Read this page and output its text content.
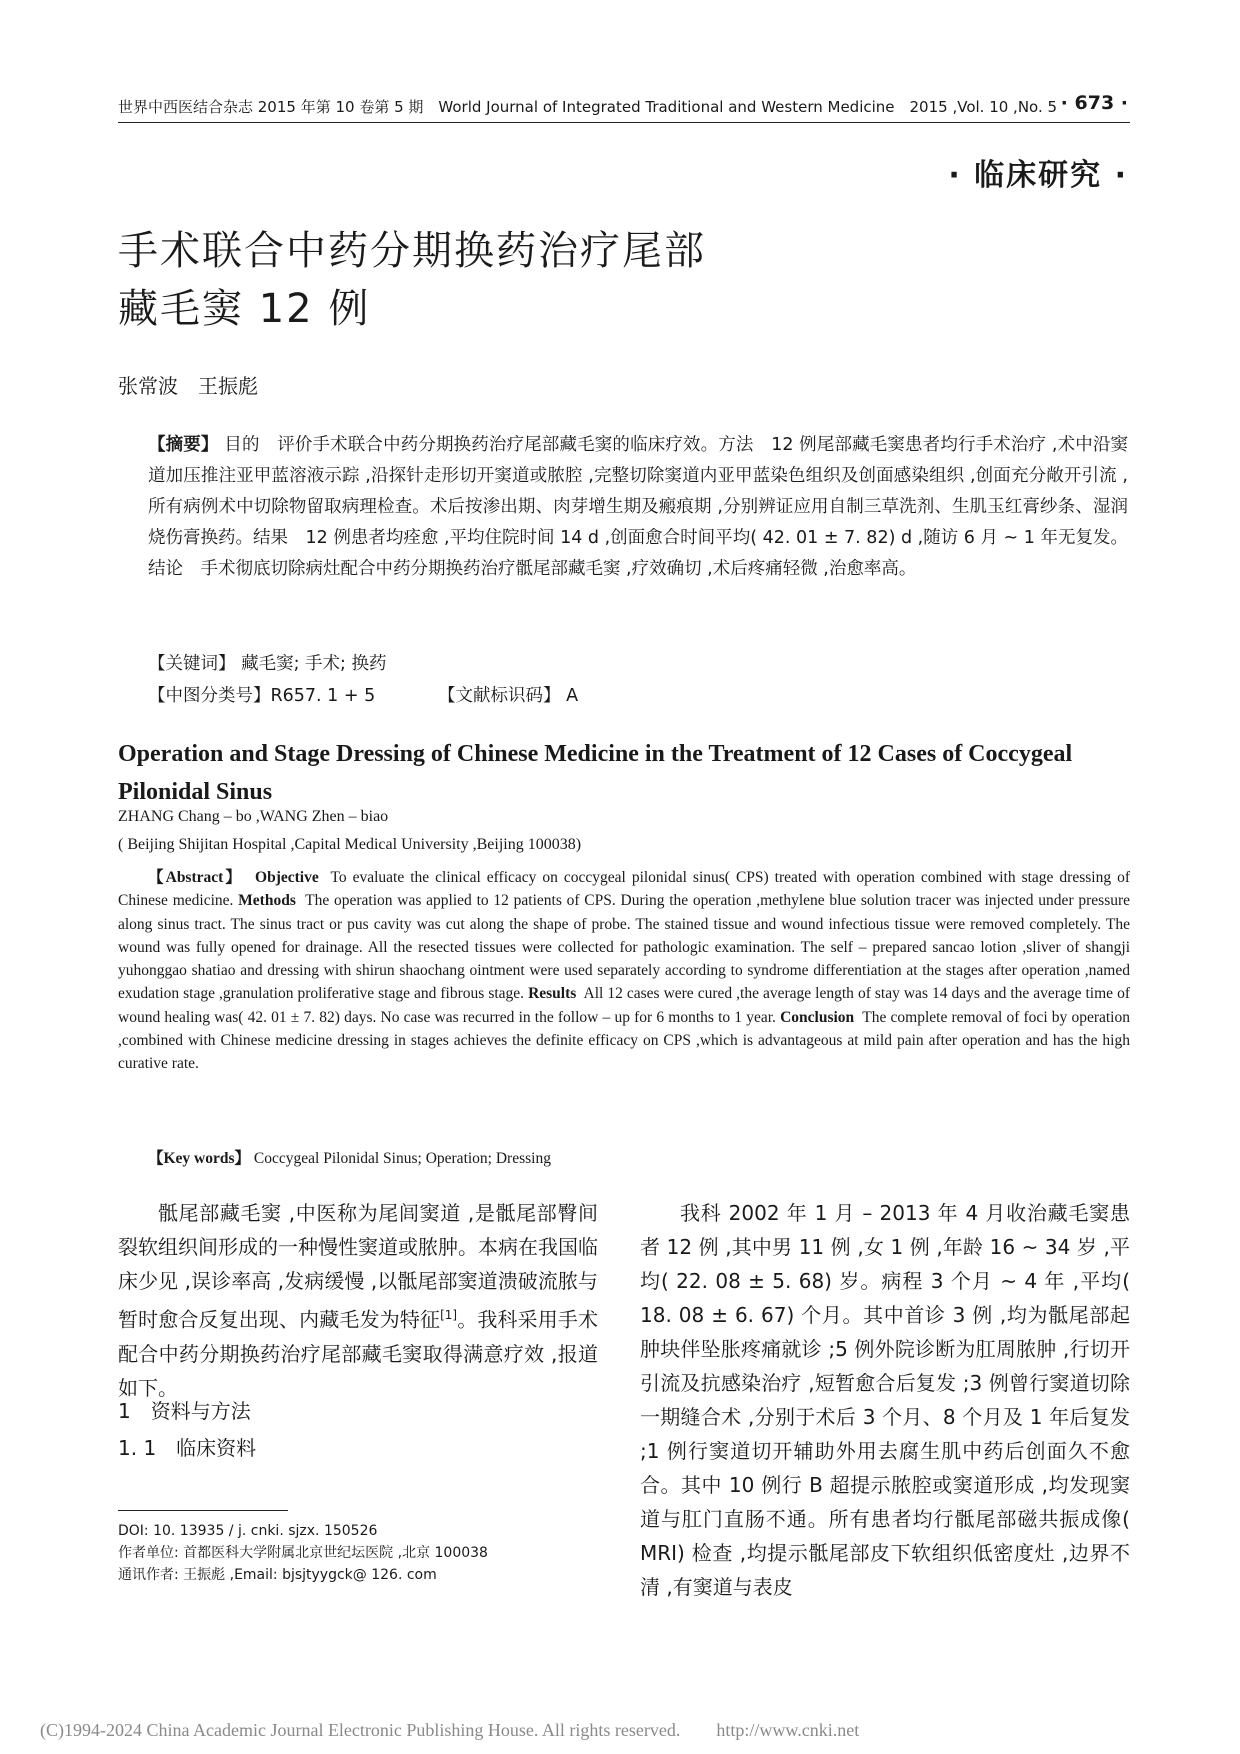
世界中西医结合杂志 2015 年第 10 卷第 5 期　World Journal of Integrated Traditional and Western Medicine　2015 ,Vol. 10 ,No. 5 · 673 ·
· 临床研究 ·
手术联合中药分期换药治疗尾部
藏毛窦 12 例
张常波　王振彪

【摘要】 目的　评价手术联合中药分期换药治疗尾部藏毛窦的临床疗效。方法　12 例尾部藏毛窦患者均行手术治疗 ,术中沿窦道加压推注亚甲蓝溶液示踪 ,沿探针走形切开窦道或脓腔 ,完整切除窦道内亚甲蓝染色组织及创面感染组织 ,创面充分敞开引流 ,所有病例术中切除物留取病理检查。术后按渗出期、肉芽增生期及瘢痕期 ,分别辨证应用自制三草洗剂、生肌玉红膏纱条、湿润烧伤膏换药。结果　12 例患者均痊愈 ,平均住院时间 14 d ,创面愈合时间平均( 42. 01 ± 7. 82) d ,随访 6 月 ~ 1 年无复发。结论　手术彻底切除病灶配合中药分期换药治疗骶尾部藏毛窦 ,疗效确切 ,术后疼痛轻微 ,治愈率高。

【关键词】 藏毛窦; 手术; 换药
【中图分类号】R657. 1 + 5	【文献标识码】 A
Operation and Stage Dressing of Chinese Medicine in the Treatment of 12 Cases of Coccygeal Pilonidal Sinus
ZHANG Chang – bo ,WANG Zhen – biao
( Beijing Shijitan Hospital ,Capital Medical University ,Beijing 100038)

【Abstract】 Objective To evaluate the clinical efficacy on coccygeal pilonidal sinus( CPS) treated with operation combined with stage dressing of Chinese medicine. Methods The operation was applied to 12 patients of CPS. During the operation ,methylene blue solution tracer was injected under pressure along sinus tract. The sinus tract or pus cavity was cut along the shape of probe. The stained tissue and wound infectious tissue were removed completely. The wound was fully opened for drainage. All the resected tissues were collected for pathologic examination. The self – prepared sancao lotion ,sliver of shangji yuhonggao shatiao and dressing with shirun shaochang ointment were used separately according to syndrome differentiation at the stages after operation ,named exudation stage ,granulation proliferative stage and fibrous stage. Results All 12 cases were cured ,the average length of stay was 14 days and the average time of wound healing was( 42. 01 ± 7. 82) days. No case was recurred in the follow – up for 6 months to 1 year. Conclusion The complete removal of foci by operation ,combined with Chinese medicine dressing in stages achieves the definite efficacy on CPS ,which is advantageous at mild pain after operation and has the high curative rate.

【Key words】 Coccygeal Pilonidal Sinus; Operation; Dressing

骶尾部藏毛窦 ,中医称为尾闾窦道 ,是骶尾部臀间裂软组织间形成的一种慢性窦道或脓肿。本病在我国临床少见 ,误诊率高 ,发病缓慢 ,以骶尾部窦道溃破流脓与暂时愈合反复出现、内藏毛发为特征[1]。我科采用手术配合中药分期换药治疗尾部藏毛窦取得满意疗效 ,报道如下。

1　资料与方法
1. 1　临床资料

我科 2002 年 1 月 – 2013 年 4 月收治藏毛窦患者 12 例 ,其中男 11 例 ,女 1 例 ,年龄 16 ~ 34 岁 ,平均( 22. 08 ± 5. 68) 岁。病程 3 个月 ~ 4 年 ,平均( 18. 08 ± 6. 67) 个月。其中首诊 3 例 ,均为骶尾部起肿块伴坠胀疼痛就诊 ;5 例外院诊断为肛周脓肿 ,行切开引流及抗感染治疗 ,短暂愈合后复发 ;3 例曾行窦道切除一期缝合术 ,分别于术后 3 个月、8 个月及 1 年后复发 ;1 例行窦道切开辅助外用去腐生肌中药后创面久不愈合。其中 10 例行 B 超提示脓腔或窦道形成 ,均发现窦道与肛门直肠不通。所有患者均行骶尾部磁共振成像( MRI) 检查 ,均提示骶尾部皮下软组织低密度灶 ,边界不清 ,有窦道与表皮

DOI: 10. 13935 / j. cnki. sjzx. 150526
作者单位: 首都医科大学附属北京世纪坛医院 ,北京 100038
通讯作者: 王振彪 ,Email: bjsjtyygck@ 126. com
(C)1994-2024 China Academic Journal Electronic Publishing House. All rights reserved.　　http://www.cnki.net
